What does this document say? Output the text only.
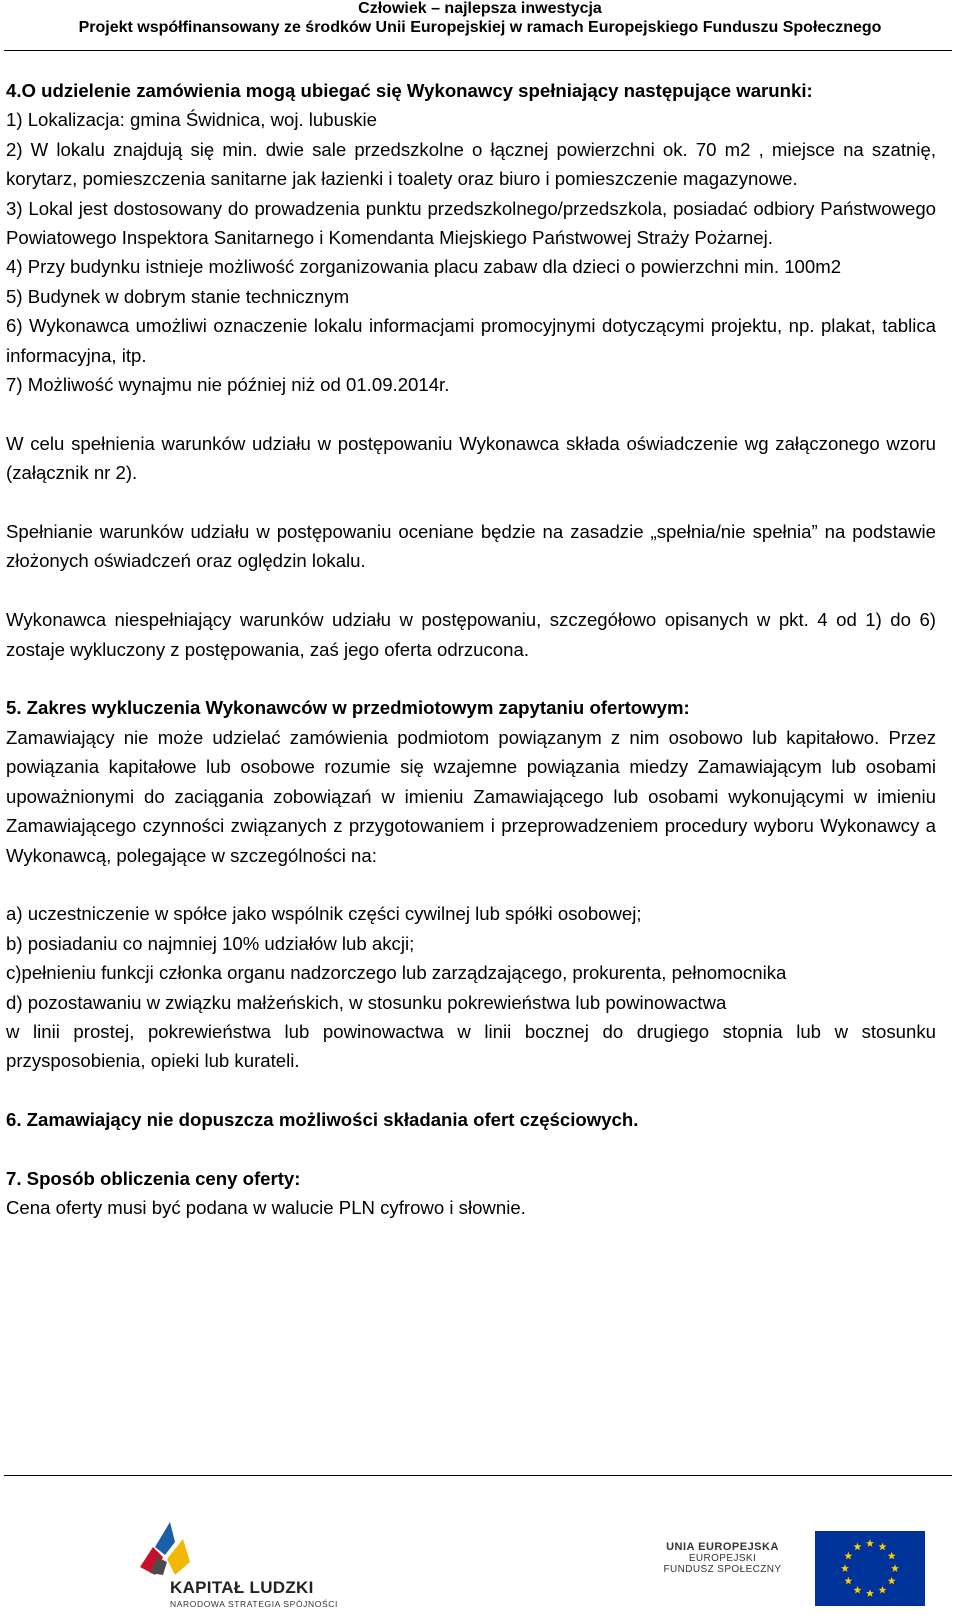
Człowiek – najlepsza inwestycja
Projekt współfinansowany ze środków Unii Europejskiej w ramach Europejskiego Funduszu Społecznego

4.O udzielenie zamówienia mogą ubiegać się Wykonawcy spełniający następujące warunki:

1) Lokalizacja: gmina Świdnica, woj. lubuskie

2) W lokalu znajdują się min. dwie sale przedszkolne o łącznej powierzchni ok. 70 m2 , miejsce na szatnię, korytarz, pomieszczenia sanitarne jak łazienki i toalety oraz biuro i pomieszczenie magazynowe.

3) Lokal jest dostosowany do prowadzenia punktu przedszkolnego/przedszkola, posiadać odbiory Państwowego Powiatowego Inspektora Sanitarnego i Komendanta Miejskiego Państwowej Straży Pożarnej.

4) Przy budynku istnieje możliwość zorganizowania placu zabaw dla dzieci o powierzchni min. 100m2

5) Budynek w dobrym stanie technicznym

6) Wykonawca umożliwi oznaczenie lokalu informacjami promocyjnymi dotyczącymi projektu, np. plakat, tablica informacyjna, itp.

7) Możliwość wynajmu nie później niż od 01.09.2014r.

W celu spełnienia warunków udziału w postępowaniu Wykonawca składa oświadczenie wg załączonego wzoru (załącznik nr 2).

Spełnianie warunków udziału w postępowaniu oceniane będzie na zasadzie „spełnia/nie spełnia” na podstawie złożonych oświadczeń oraz oględzin lokalu.

Wykonawca niespełniający warunków udziału w postępowaniu, szczegółowo opisanych w pkt. 4 od 1) do 6) zostaje wykluczony z postępowania, zaś jego oferta odrzucona.

5. Zakres wykluczenia Wykonawców w przedmiotowym zapytaniu ofertowym:

Zamawiający nie może udzielać zamówienia podmiotom powiązanym z nim osobowo lub kapitałowo. Przez powiązania kapitałowe lub osobowe rozumie się wzajemne powiązania miedzy Zamawiającym lub osobami upoważnionymi do zaciągania zobowiązań w imieniu Zamawiającego lub osobami wykonującymi w imieniu Zamawiającego czynności związanych z przygotowaniem i przeprowadzeniem procedury wyboru Wykonawcy a Wykonawcą, polegające w szczególności na:

a) uczestniczenie w spółce jako wspólnik części cywilnej lub spółki osobowej;

b) posiadaniu co najmniej 10% udziałów lub akcji;

c)pełnieniu funkcji członka organu nadzorczego lub zarządzającego, prokurenta, pełnomocnika

d) pozostawaniu w związku małżeńskich, w stosunku pokrewieństwa lub powinowactwa

w linii prostej, pokrewieństwa lub powinowactwa w linii bocznej do drugiego stopnia lub w stosunku przysposobienia, opieki lub kurateli.

6. Zamawiający nie dopuszcza możliwości składania ofert częściowych.

7. Sposób obliczenia ceny oferty:

Cena oferty musi być podana w walucie PLN cyfrowo i słownie.

KAPITAŁ LUDZKI
NARODOWA STRATEGIA SPÓJNOŚCI
UNIA EUROPEJSKA
EUROPEJSKI
FUNDUSZ SPOŁECZNY
